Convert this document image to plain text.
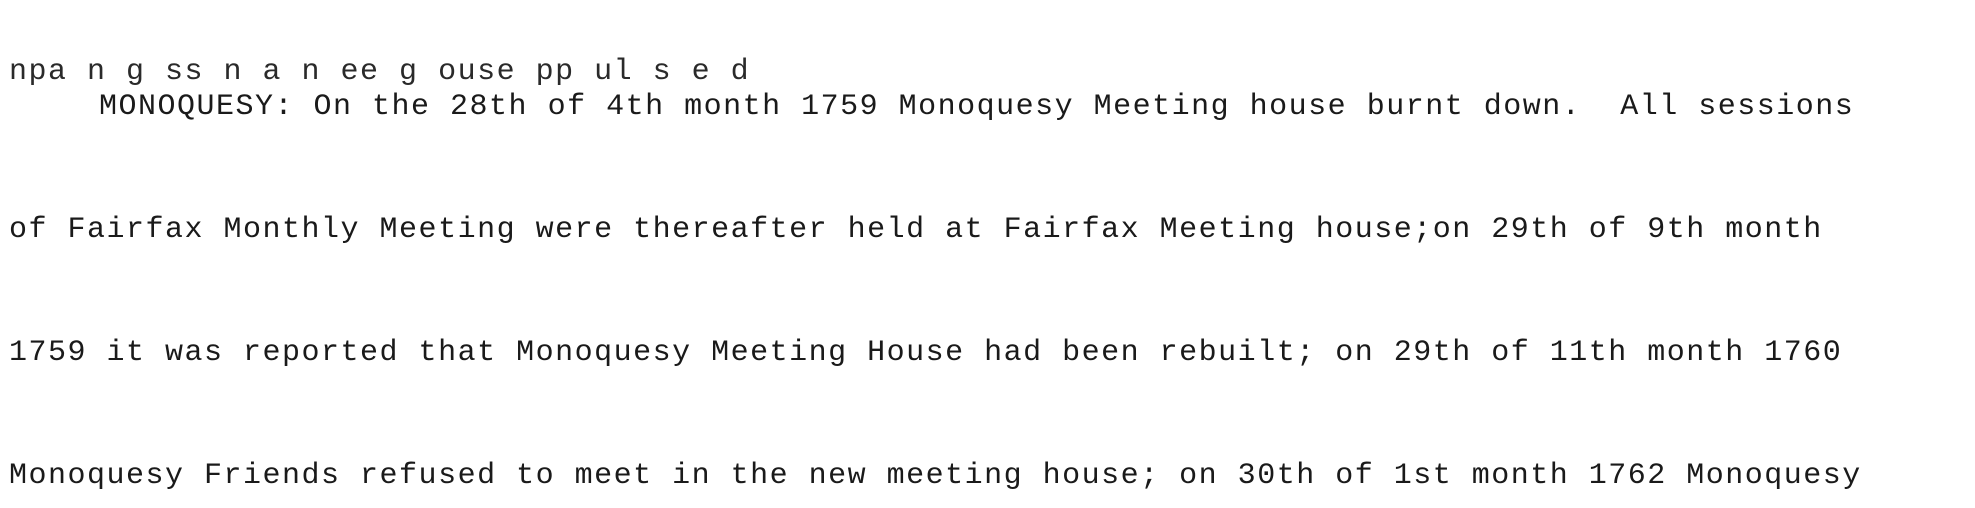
npa n g ss n a n ee g ouse pp ul s e d

MONOQUESY: On the 28th of 4th month 1759 Monoquesy Meeting house burnt down.  All sessions

of Fairfax Monthly Meeting were thereafter held at Fairfax Meeting house;on 29th of 9th month

1759 it was reported that Monoquesy Meeting House had been rebuilt; on 29th of 11th month 1760

Monoquesy Friends refused to meet in the new meeting house; on 30th of 1st month 1762 Monoquesy
